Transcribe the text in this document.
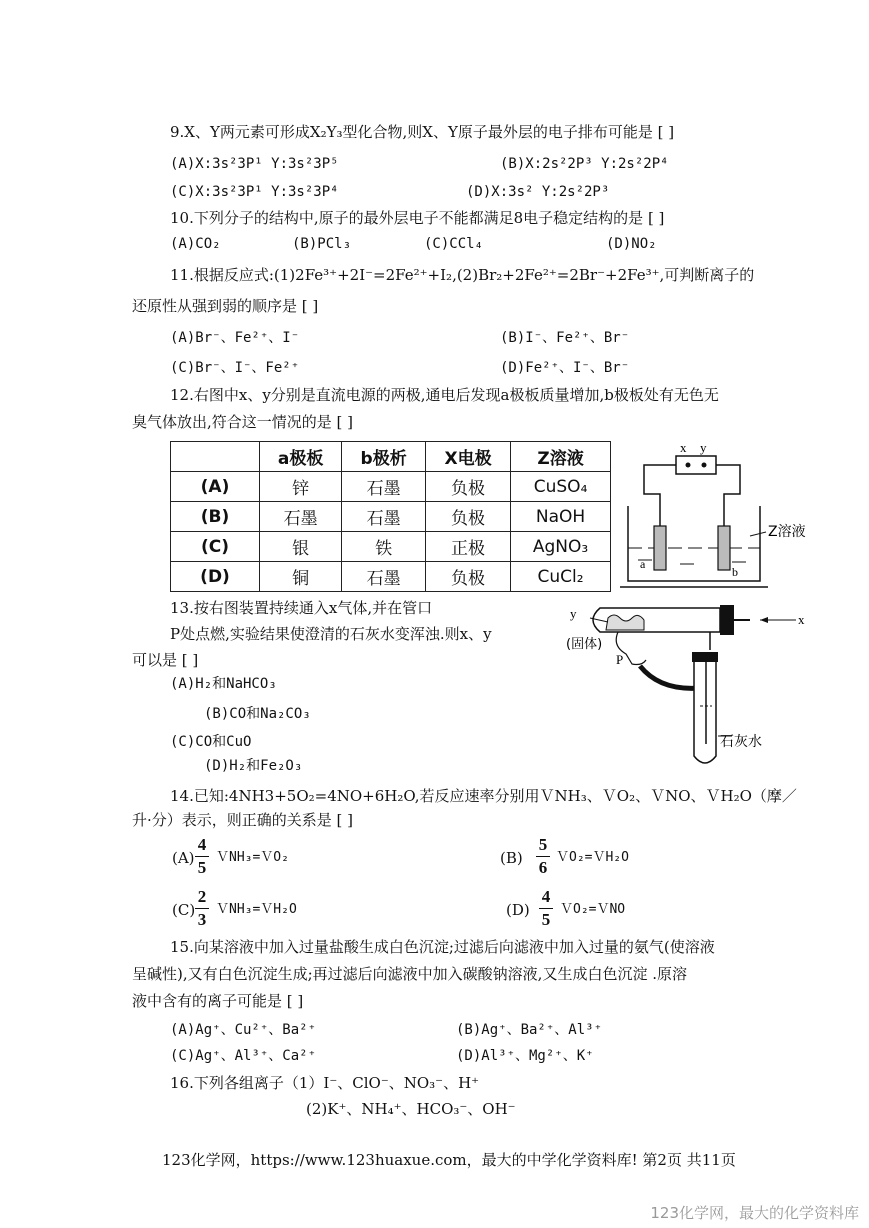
9.X、Y两元素可形成X₂Y₃型化合物,则X、Y原子最外层的电子排布可能是 [ ]
(A)X:3s²3P¹ Y:3s²3P⁵	(B)X:2s²2P³ Y:2s²2P⁴
(C)X:3s²3P¹ Y:3s²3P⁴	(D)X:3s² Y:2s²2P³
10.下列分子的结构中,原子的最外层电子不能都满足8电子稳定结构的是 [ ]
(A)CO₂	(B)PCl₃	(C)CCl₄	(D)NO₂
11.根据反应式:(1)2Fe³⁺+2I⁻=2Fe²⁺+I₂,(2)Br₂+2Fe²⁺=2Br⁻+2Fe³⁺,可判断离子的
还原性从强到弱的顺序是 [ ]
(A)Br⁻、Fe²⁺、I⁻	(B)I⁻、Fe²⁺、Br⁻
(C)Br⁻、I⁻、Fe²⁺	(D)Fe²⁺、I⁻、Br⁻
12.右图中x、y分别是直流电源的两极,通电后发现a极板质量增加,b极板处有无色无
臭气体放出,符合这一情况的是 [ ]
	a极板	b极析	X电极	Z溶液
(A)	锌	石墨	负极	CuSO₄
(B)	石墨	石墨	负极	NaOH
(C)	银	铁	正极	AgNO₃
(D)	铜	石墨	负极	CuCl₂
x y
a
b
Z溶液
13.按右图装置持续通入x气体,并在管口
P处点燃,实验结果使澄清的石灰水变浑浊.则x、y
可以是 [ ]
(A)H₂和NaHCO₃
(B)CO和Na₂CO₃
(C)CO和CuO
(D)H₂和Fe₂O₃
y	x
(固体)
P
石灰水
14.已知:4NH3+5O₂=4NO+6H₂O,若反应速率分别用ＶNH₃、ＶO₂、ＶNO、ＶH₂O（摩／
升·分）表示，则正确的关系是 [ ]
(A)
4
5
ＶNH₃=ＶO₂	(B)
5
6
ＶO₂=ＶH₂O
(C)
2
3
ＶNH₃=ＶH₂O	(D)
4
5
ＶO₂=ＶNO
15.向某溶液中加入过量盐酸生成白色沉淀;过滤后向滤液中加入过量的氨气(使溶液
呈碱性),又有白色沉淀生成;再过滤后向滤液中加入碳酸钠溶液,又生成白色沉淀 .原溶
液中含有的离子可能是 [ ]
(A)Ag⁺、Cu²⁺、Ba²⁺	(B)Ag⁺、Ba²⁺、Al³⁺
(C)Ag⁺、Al³⁺、Ca²⁺	(D)Al³⁺、Mg²⁺、K⁺
16.下列各组离子（1）I⁻、ClO⁻、NO₃⁻、H⁺
(2)K⁺、NH₄⁺、HCO₃⁻、OH⁻
123化学网，https://www.123huaxue.com，最大的中学化学资料库! 第2页 共11页
123化学网，最大的化学资料库
